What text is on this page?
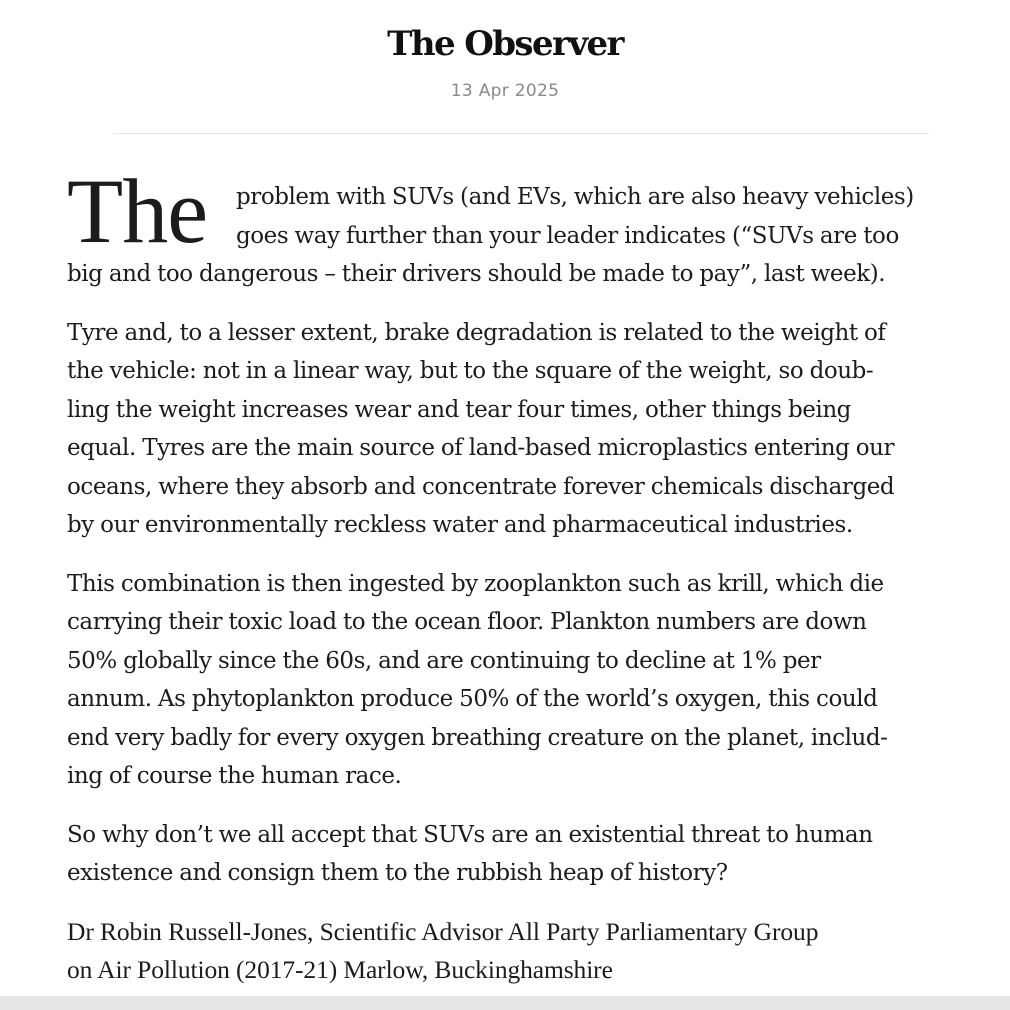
The Observer
13 Apr 2025

The	problem with SUVs (and EVs, which are also heavy vehicles)
goes way further than your leader indicates (“SUVs are too
big and too dangerous – their drivers should be made to pay”, last week).

Tyre and, to a lesser extent, brake degradation is related to the weight of
the vehicle: not in a linear way, but to the square of the weight, so doub-
ling the weight increases wear and tear four times, other things being
equal. Tyres are the main source of land-based microplastics entering our
oceans, where they absorb and concentrate forever chemicals discharged
by our environmentally reckless water and pharmaceutical industries.

This combination is then ingested by zooplankton such as krill, which die
carrying their toxic load to the ocean floor. Plankton numbers are down
50% globally since the 60s, and are continuing to decline at 1% per
annum. As phytoplankton produce 50% of the world’s oxygen, this could
end very badly for every oxygen breathing creature on the planet, includ-
ing of course the human race.

So why don’t we all accept that SUVs are an existential threat to human
existence and consign them to the rubbish heap of history?

Dr Robin Russell-Jones, Scientific Advisor All Party Parliamentary Group
on Air Pollution (2017-21) Marlow, Buckinghamshire
